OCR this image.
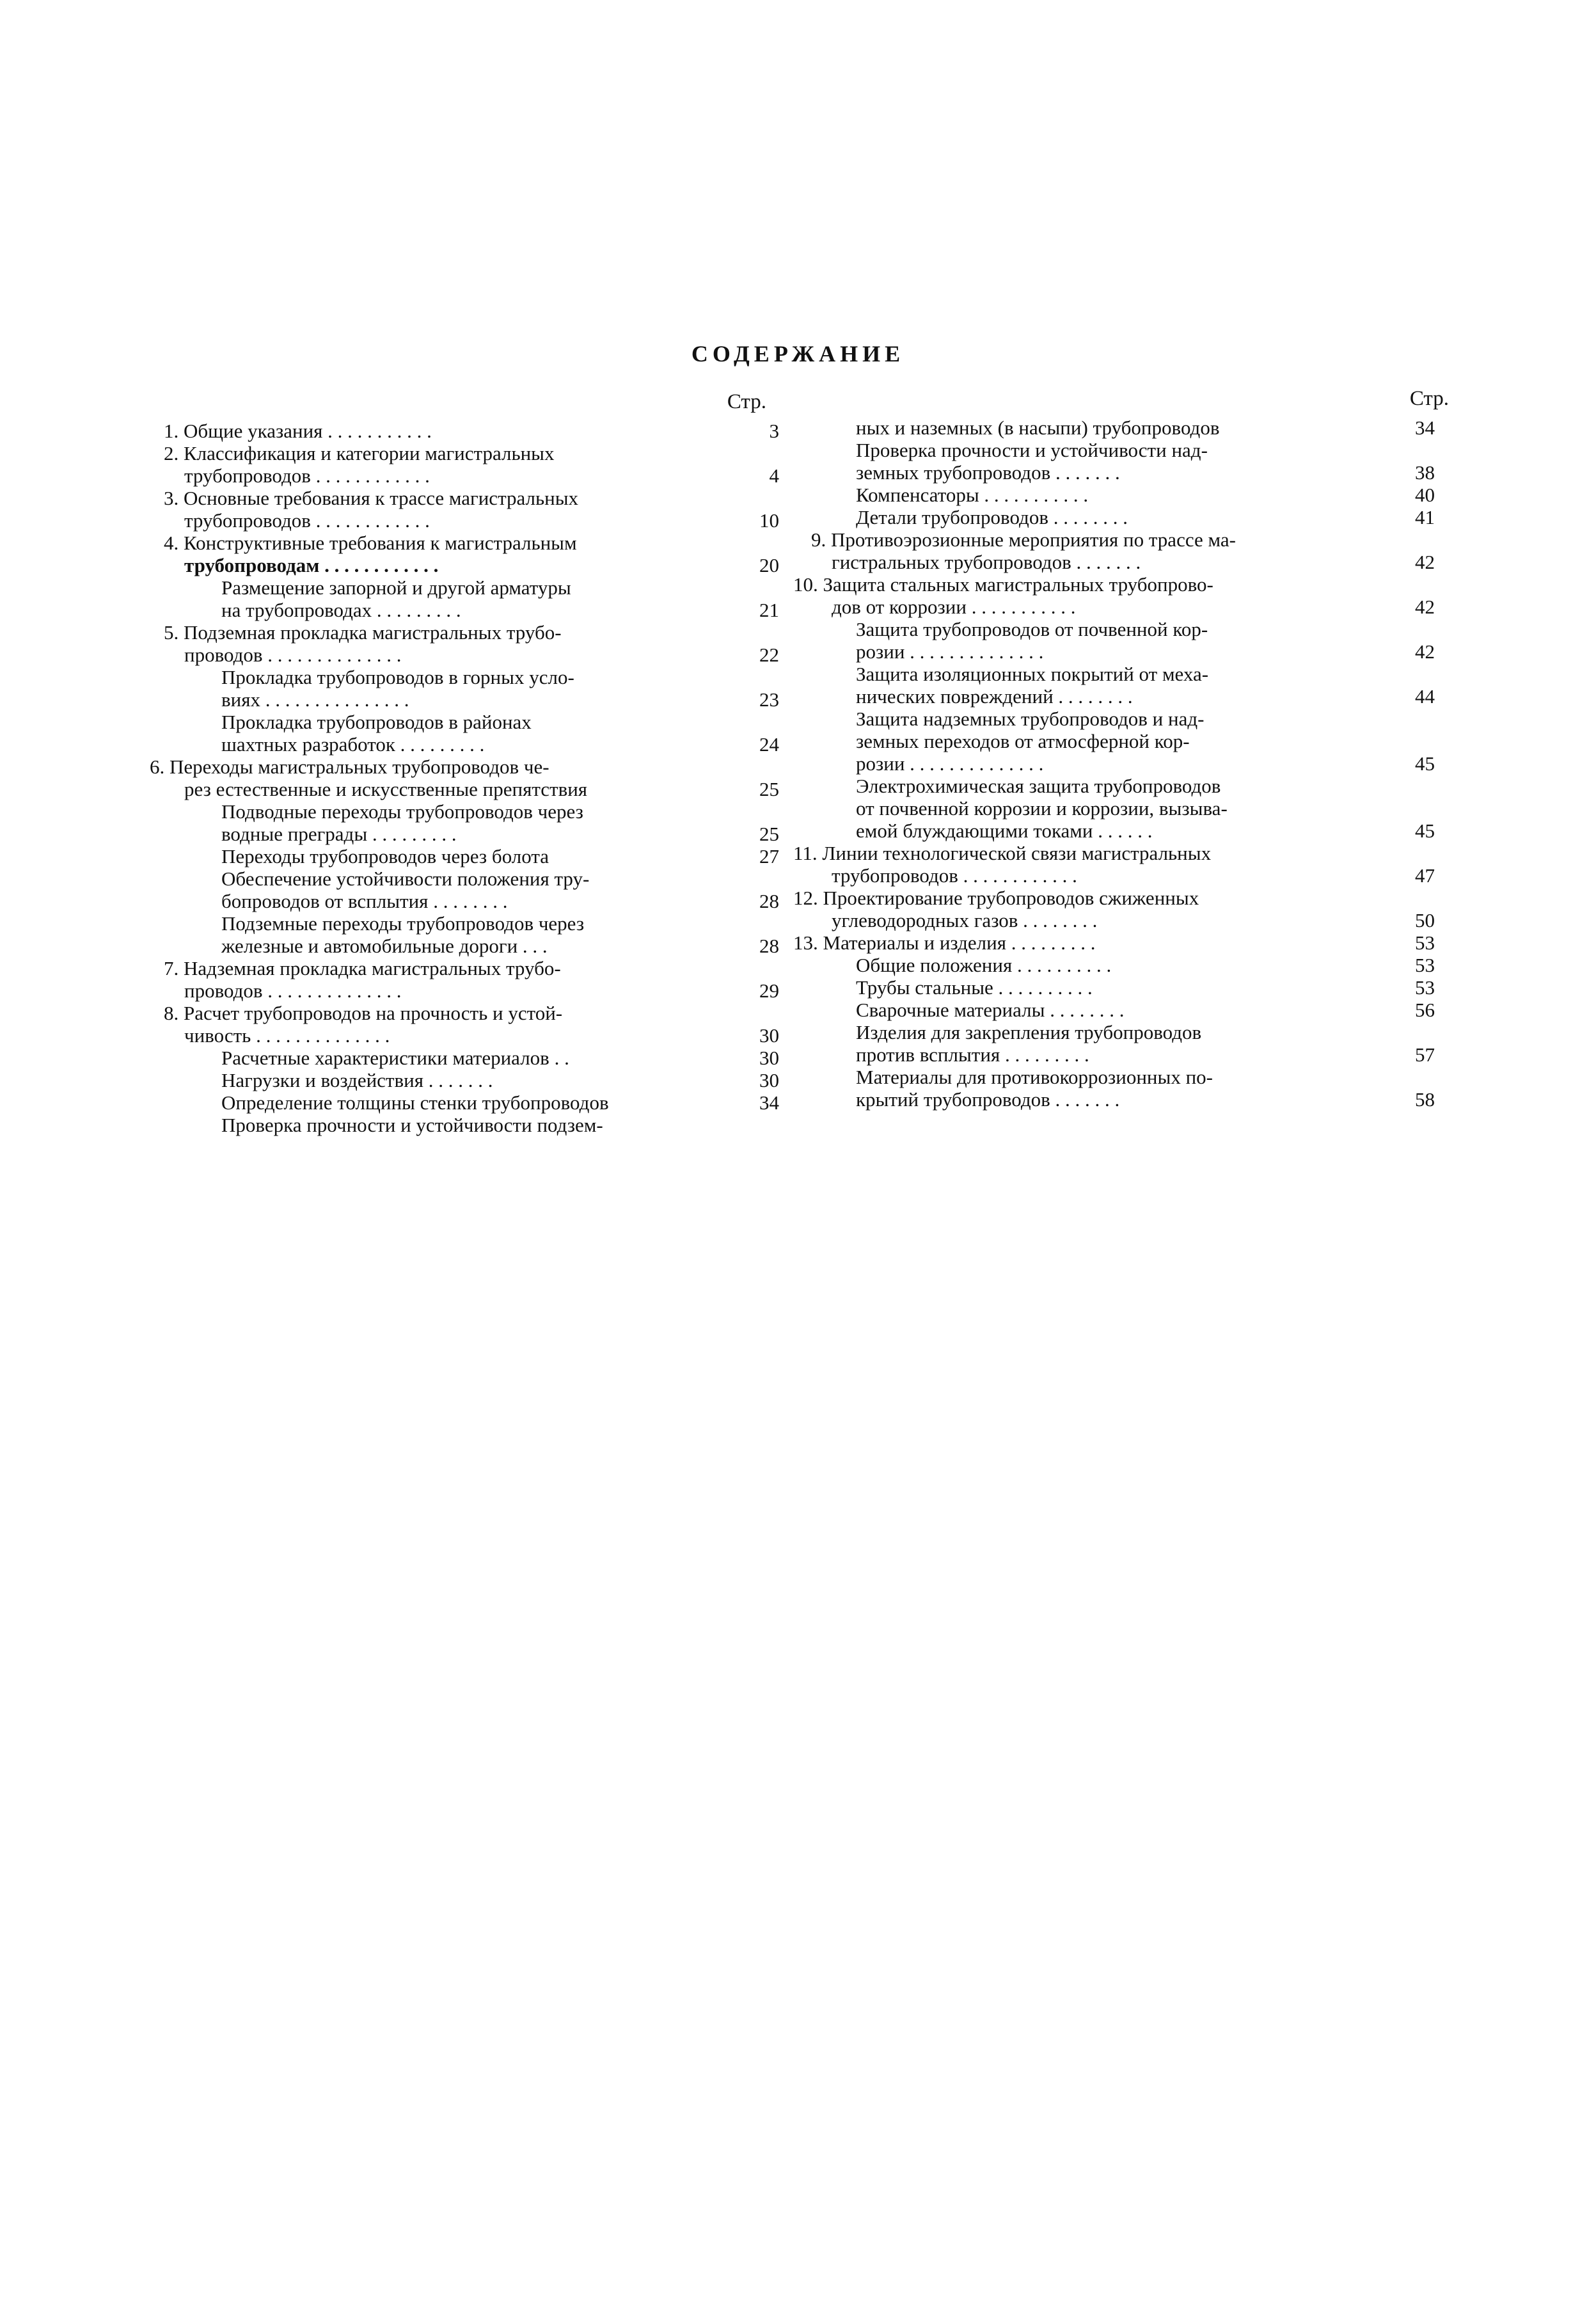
СОДЕРЖАНИЕ
Стр.
1. Общие указания . . . . . . . . . . .	3
2. Классификация и категории магистральных
трубопроводов . . . . . . . . . . . .	4
3. Основные требования к трассе магистральных
трубопроводов . . . . . . . . . . . .	10
4. Конструктивные требования к магистральным
трубопроводам . . . . . . . . . . . .	20
Размещение запорной и другой арматуры
на трубопроводах . . . . . . . . .	21
5. Подземная прокладка магистральных трубо-
проводов . . . . . . . . . . . . . .	22
Прокладка трубопроводов в горных усло-
виях . . . . . . . . . . . . . . .	23
Прокладка трубопроводов в районах
шахтных разработок . . . . . . . . .	24
6. Переходы магистральных трубопроводов че-
рез естественные и искусственные препятствия	25
Подводные переходы трубопроводов через
водные преграды . . . . . . . . .	25
Переходы трубопроводов через болота	27
Обеспечение устойчивости положения тру-
бопроводов от всплытия . . . . . . . .	28
Подземные переходы трубопроводов через
железные и автомобильные дороги . . .	28
7. Надземная прокладка магистральных трубо-
проводов . . . . . . . . . . . . . .	29
8. Расчет трубопроводов на прочность и устой-
чивость . . . . . . . . . . . . . .	30
Расчетные характеристики материалов . .	30
Нагрузки и воздействия . . . . . . .	30
Определение толщины стенки трубопроводов	34
Проверка прочности и устойчивости подзем-
Стр.
ных и наземных (в насыпи) трубопроводов	34
Проверка прочности и устойчивости над-
земных трубопроводов . . . . . . .	38
Компенсаторы . . . . . . . . . . .	40
Детали трубопроводов . . . . . . . .	41
9. Противоэрозионные мероприятия по трассе ма-
гистральных трубопроводов . . . . . . .	42
10. Защита стальных магистральных трубопрово-
дов от коррозии . . . . . . . . . . .	42
Защита трубопроводов от почвенной кор-
розии . . . . . . . . . . . . . .	42
Защита изоляционных покрытий от меха-
нических повреждений . . . . . . . .	44
Защита надземных трубопроводов и над-
земных переходов от атмосферной кор-
розии . . . . . . . . . . . . . .	45
Электрохимическая защита трубопроводов
от почвенной коррозии и коррозии, вызыва-
емой блуждающими токами . . . . . .	45
11. Линии технологической связи магистральных
трубопроводов . . . . . . . . . . . .	47
12. Проектирование трубопроводов сжиженных
углеводородных газов . . . . . . . .	50
13. Материалы и изделия . . . . . . . . .	53
Общие положения . . . . . . . . . .	53
Трубы стальные . . . . . . . . . .	53
Сварочные материалы . . . . . . . .	56
Изделия для закрепления трубопроводов
против всплытия . . . . . . . . .	57
Материалы для противокоррозионных по-
крытий трубопроводов . . . . . . .	58
